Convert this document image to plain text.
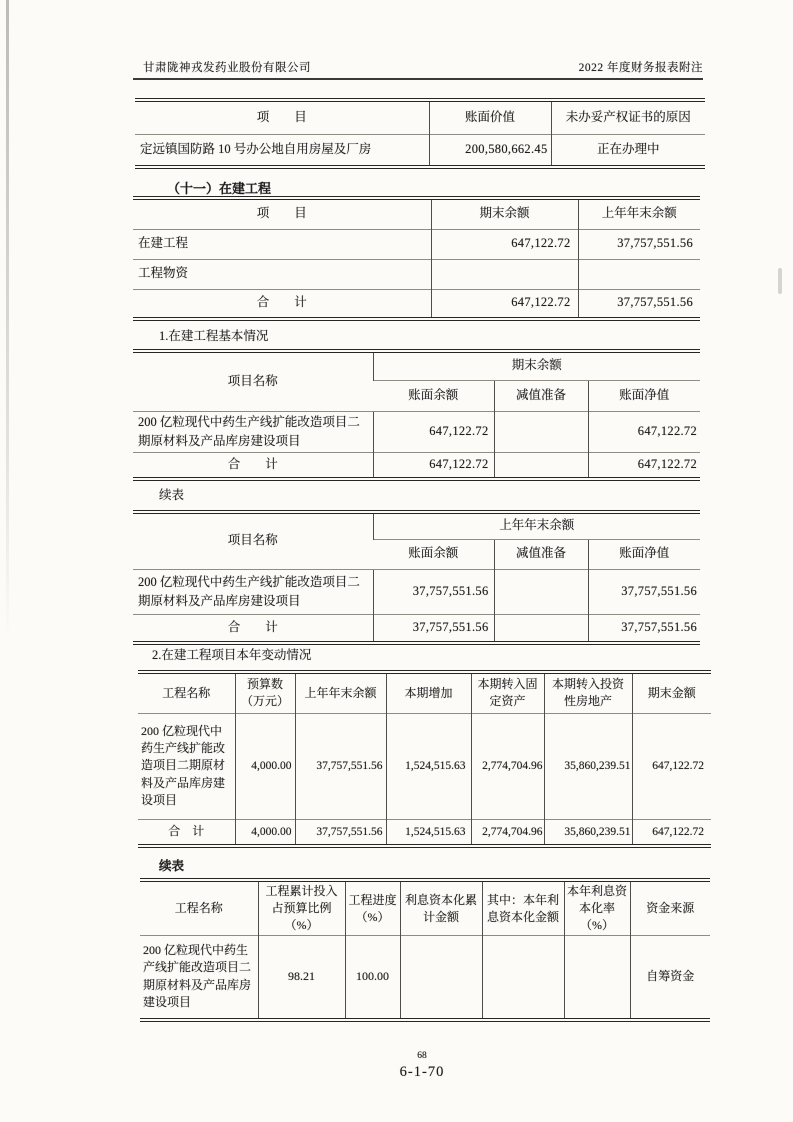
甘肃陇神戎发药业股份有限公司	2022 年度财务报表附注
项　　目	账面价值	未办妥产权证书的原因
定远镇国防路 10 号办公地自用房屋及厂房	200,580,662.45	正在办理中
（十一）在建工程
项　　目	期末余额	上年年末余额
在建工程	647,122.72	37,757,551.56
工程物资		
合　　计	647,122.72	37,757,551.56
1.在建工程基本情况
项目名称	期末余额		
	账面余额	减值准备	账面净值
200 亿粒现代中药生产线扩能改造项目二期原材料及产品库房建设项目	647,122.72		647,122.72
合　　计	647,122.72		647,122.72
续表
项目名称	上年年末余额		
	账面余额	减值准备	账面净值
200 亿粒现代中药生产线扩能改造项目二期原材料及产品库房建设项目	37,757,551.56		37,757,551.56
合　　计	37,757,551.56		37,757,551.56
2.在建工程项目本年变动情况
工程名称	预算数（万元）	上年年末余额	本期增加	本期转入固定资产	本期转入投资性房地产	期末金额
200 亿粒现代中药生产线扩能改造项目二期原材料及产品库房建设项目	4,000.00	37,757,551.56	1,524,515.63	2,774,704.96	35,860,239.51	647,122.72
合　计	4,000.00	37,757,551.56	1,524,515.63	2,774,704.96	35,860,239.51	647,122.72
续表
工程名称	工程累计投入占预算比例（%）	工程进度（%）	利息资本化累计金额	其中：本年利息资本化金额	本年利息资本化率（%）	资金来源
200 亿粒现代中药生产线扩能改造项目二期原材料及产品库房建设项目	98.21	100.00				自筹资金
68
6-1-70
